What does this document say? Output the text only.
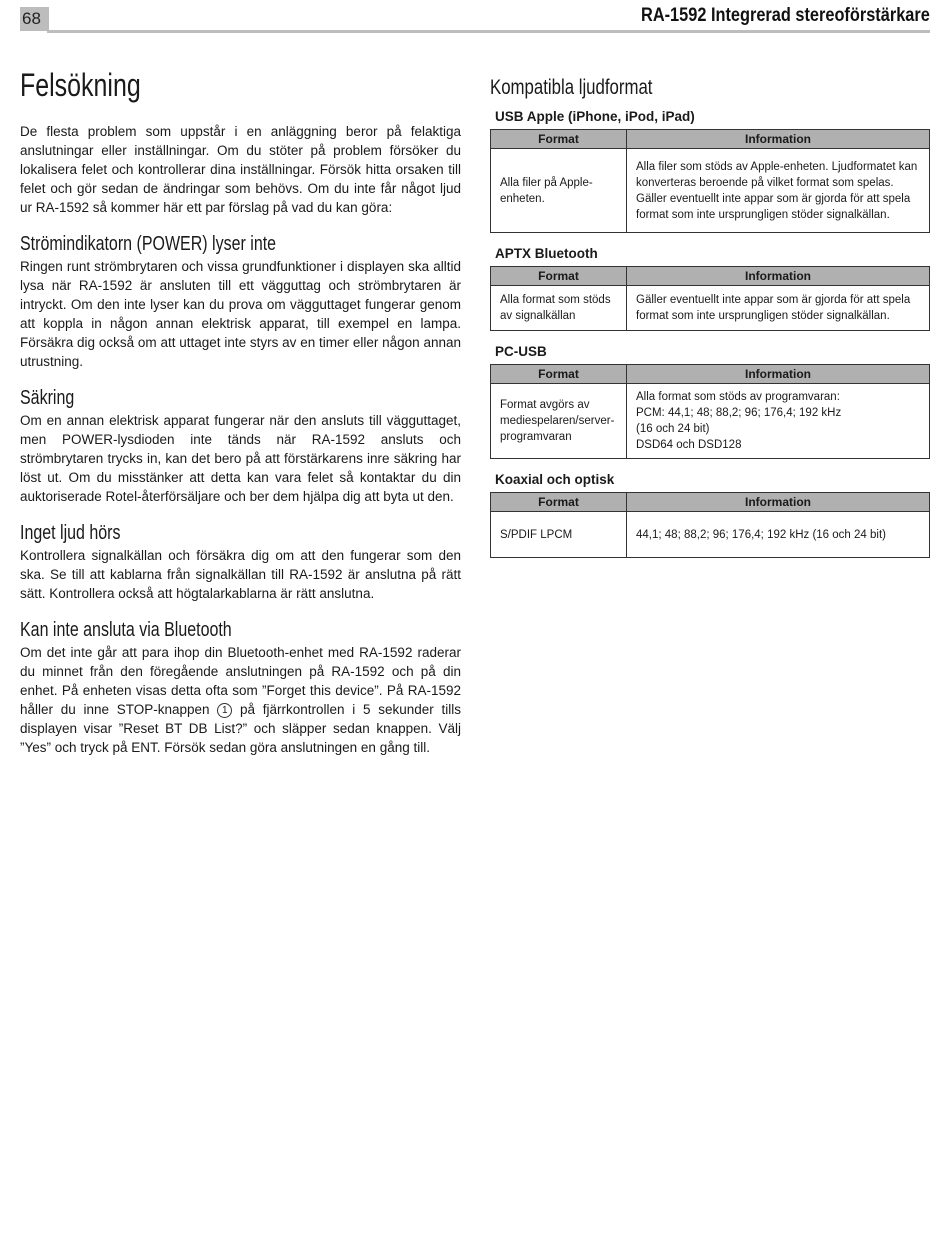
68	RA-1592 Integrerad stereoförstärkare
Felsökning

De flesta problem som uppstår i en anläggning beror på felaktiga anslutningar eller inställningar. Om du stöter på problem försöker du lokalisera felet och kontrollerar dina inställningar. Försök hitta orsaken till felet och gör sedan de ändringar som behövs. Om du inte får något ljud ur RA-1592 så kommer här ett par förslag på vad du kan göra:

Strömindikatorn (POWER) lyser inte

Ringen runt strömbrytaren och vissa grundfunktioner i displayen ska alltid lysa när RA-1592 är ansluten till ett vägguttag och strömbrytaren är intryckt. Om den inte lyser kan du prova om vägguttaget fungerar genom att koppla in någon annan elektrisk apparat, till exempel en lampa. Försäkra dig också om att uttaget inte styrs av en timer eller någon annan utrustning.

Säkring

Om en annan elektrisk apparat fungerar när den ansluts till vägguttaget, men POWER-lysdioden inte tänds när RA-1592 ansluts och strömbrytaren trycks in, kan det bero på att förstärkarens inre säkring har löst ut. Om du misstänker att detta kan vara felet så kontaktar du din auktoriserade Rotel-återförsäljare och ber dem hjälpa dig att byta ut den.

Inget ljud hörs

Kontrollera signalkällan och försäkra dig om att den fungerar som den ska. Se till att kablarna från signalkällan till RA-1592 är anslutna på rätt sätt. Kontrollera också att högtalarkablarna är rätt anslutna.

Kan inte ansluta via Bluetooth

Om det inte går att para ihop din Bluetooth-enhet med RA-1592 raderar du minnet från den föregående anslutningen på RA-1592 och på din enhet. På enheten visas detta ofta som ”Forget this device”. På RA-1592 håller du inne STOP-knappen 1 på fjärrkontrollen i 5 sekunder tills displayen visar ”Reset BT DB List?” och släpper sedan knappen. Välj ”Yes” och tryck på ENT. Försök sedan göra anslutningen en gång till.

Kompatibla ljudformat
USB Apple (iPhone, iPod, iPad)
Format	Information
Alla filer på Apple-enheten.	Alla filer som stöds av Apple-enheten. Ljudformatet kan konverteras beroende på vilket format som spelas. Gäller eventuellt inte appar som är gjorda för att spela format som inte ursprungligen stöder signalkällan.
APTX Bluetooth
Format	Information
Alla format som stöds av signalkällan	Gäller eventuellt inte appar som är gjorda för att spela format som inte ursprungligen stöder signalkällan.
PC-USB
Format	Information
Format avgörs av mediespelaren/server-programvaran	Alla format som stöds av programvaran:
PCM: 44,1; 48; 88,2; 96; 176,4; 192 kHz
(16 och 24 bit)
DSD64 och DSD128
Koaxial och optisk
Format	Information
S/PDIF LPCM	44,1; 48; 88,2; 96; 176,4; 192 kHz (16 och 24 bit)
